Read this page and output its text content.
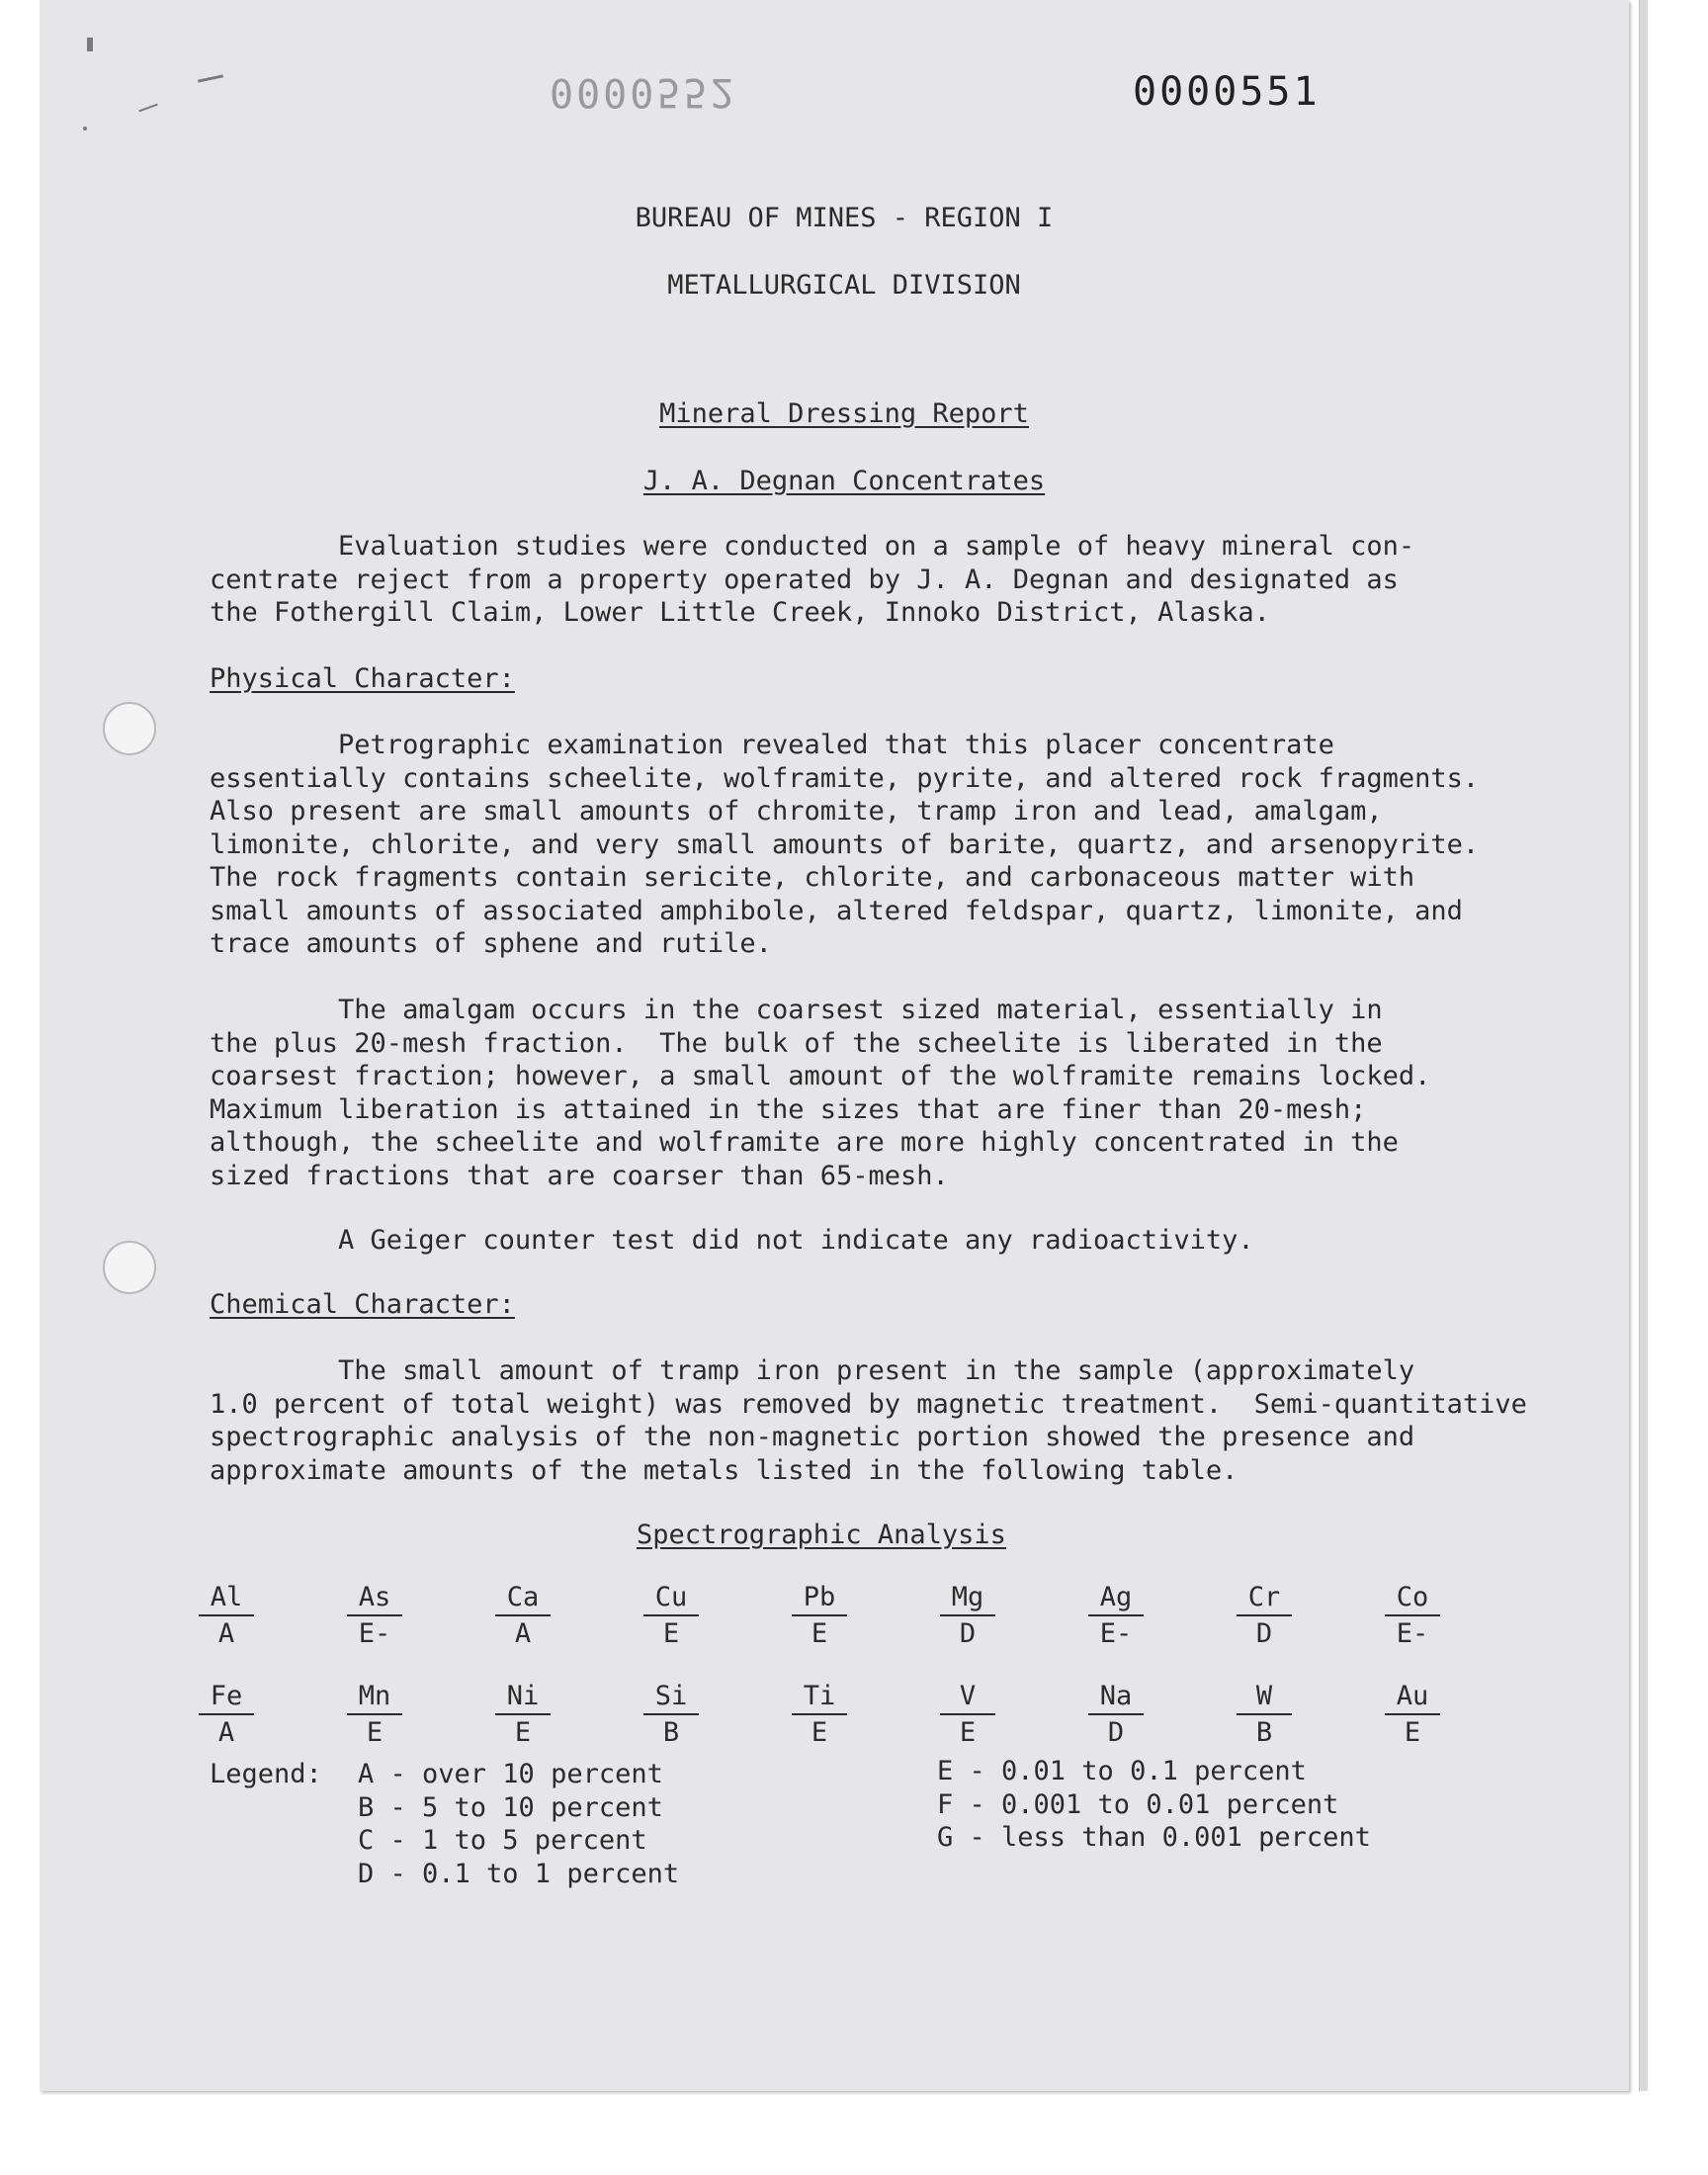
0000552	0000551
BUREAU OF MINES - REGION I
METALLURGICAL DIVISION
Mineral Dressing Report
J. A. Degnan Concentrates
Evaluation studies were conducted on a sample of heavy mineral con-
centrate reject from a property operated by J. A. Degnan and designated as
the Fothergill Claim, Lower Little Creek, Innoko District, Alaska.
Physical Character:
Petrographic examination revealed that this placer concentrate
essentially contains scheelite, wolframite, pyrite, and altered rock fragments.
Also present are small amounts of chromite, tramp iron and lead, amalgam,
limonite, chlorite, and very small amounts of barite, quartz, and arsenopyrite.
The rock fragments contain sericite, chlorite, and carbonaceous matter with
small amounts of associated amphibole, altered feldspar, quartz, limonite, and
trace amounts of sphene and rutile.
The amalgam occurs in the coarsest sized material, essentially in
the plus 20-mesh fraction.  The bulk of the scheelite is liberated in the
coarsest fraction; however, a small amount of the wolframite remains locked.
Maximum liberation is attained in the sizes that are finer than 20-mesh;
although, the scheelite and wolframite are more highly concentrated in the
sized fractions that are coarser than 65-mesh.
A Geiger counter test did not indicate any radioactivity.
Chemical Character:
The small amount of tramp iron present in the sample (approximately
1.0 percent of total weight) was removed by magnetic treatment.  Semi-quantitative
spectrographic analysis of the non-magnetic portion showed the presence and
approximate amounts of the metals listed in the following table.
Spectrographic Analysis
Al
A
As
E-
Ca
A
Cu
E
Pb
E
Mg
D
Ag
E-
Cr
D
Co
E-
Fe
A
Mn
E
Ni
E
Si
B
Ti
E
V
E
Na
D
W
B
Au
E
Legend: A - over 10 percent
B - 5 to 10 percent
C - 1 to 5 percent
D - 0.1 to 1 percent
E - 0.01 to 0.1 percent
F - 0.001 to 0.01 percent
G - less than 0.001 percent
